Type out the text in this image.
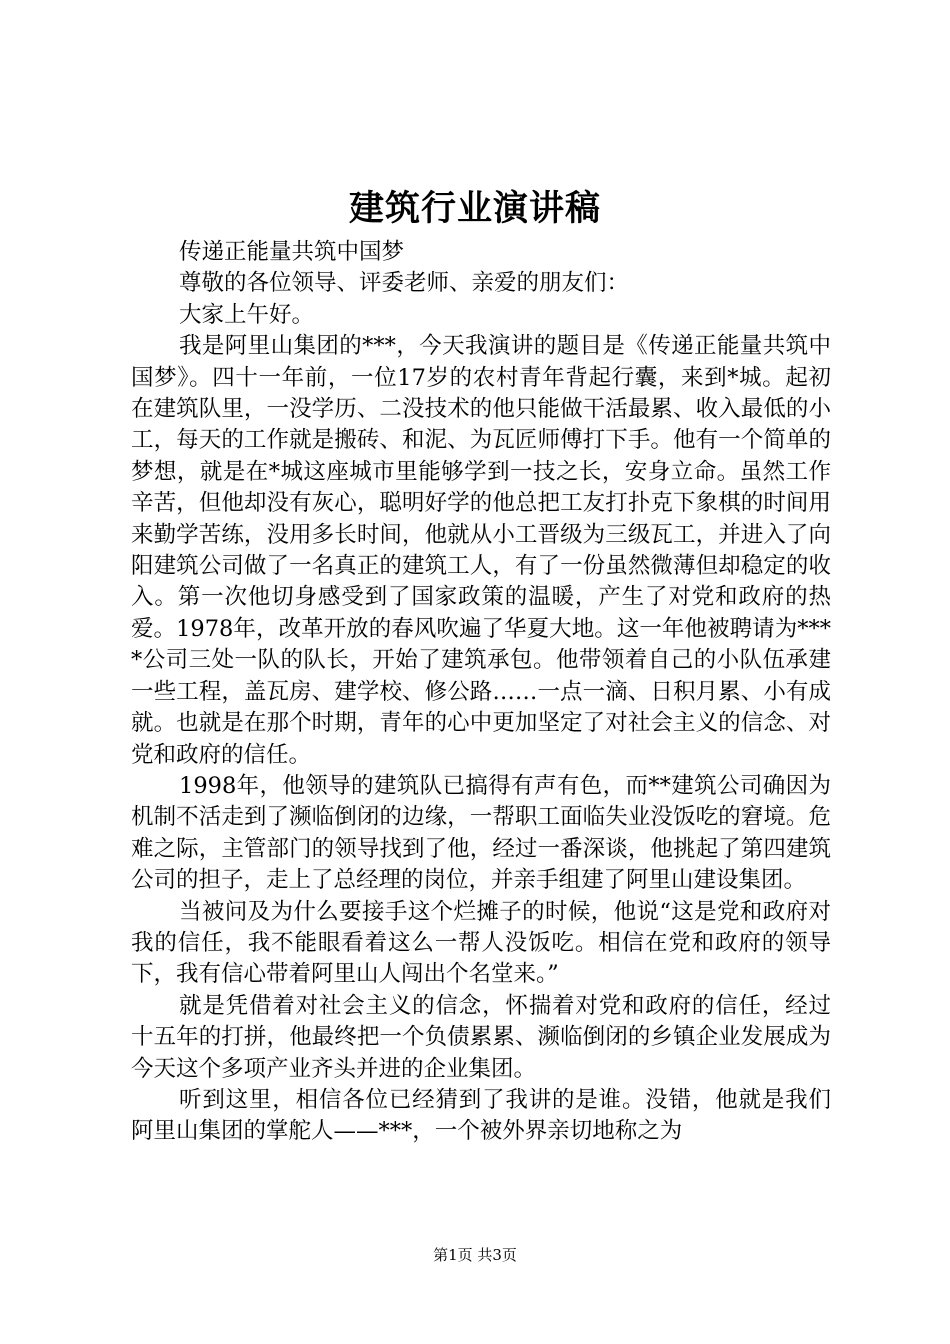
建筑行业演讲稿

传递正能量共筑中国梦

尊敬的各位领导、评委老师、亲爱的朋友们：

大家上午好。

我是阿里山集团的***，今天我演讲的题目是《传递正能量共筑中国梦》。四十一年前，一位17岁的农村青年背起行囊，来到*城。起初在建筑队里，一没学历、二没技术的他只能做干活最累、收入最低的小工，每天的工作就是搬砖、和泥、为瓦匠师傅打下手。他有一个简单的梦想，就是在*城这座城市里能够学到一技之长，安身立命。虽然工作辛苦，但他却没有灰心，聪明好学的他总把工友打扑克下象棋的时间用来勤学苦练，没用多长时间，他就从小工晋级为三级瓦工，并进入了向阳建筑公司做了一名真正的建筑工人，有了一份虽然微薄但却稳定的收入。第一次他切身感受到了国家政策的温暖，产生了对党和政府的热爱。1978年，改革开放的春风吹遍了华夏大地。这一年他被聘请为****公司三处一队的队长，开始了建筑承包。他带领着自己的小队伍承建一些工程，盖瓦房、建学校、修公路……一点一滴、日积月累、小有成就。也就是在那个时期，青年的心中更加坚定了对社会主义的信念、对党和政府的信任。

1998年，他领导的建筑队已搞得有声有色，而**建筑公司确因为机制不活走到了濒临倒闭的边缘，一帮职工面临失业没饭吃的窘境。危难之际，主管部门的领导找到了他，经过一番深谈，他挑起了第四建筑公司的担子，走上了总经理的岗位，并亲手组建了阿里山建设集团。

当被问及为什么要接手这个烂摊子的时候，他说“这是党和政府对我的信任，我不能眼看着这么一帮人没饭吃。相信在党和政府的领导下，我有信心带着阿里山人闯出个名堂来。”

就是凭借着对社会主义的信念，怀揣着对党和政府的信任，经过十五年的打拼，他最终把一个负债累累、濒临倒闭的乡镇企业发展成为今天这个多项产业齐头并进的企业集团。

听到这里，相信各位已经猜到了我讲的是谁。没错，他就是我们阿里山集团的掌舵人——***，一个被外界亲切地称之为

第1页 共3页
